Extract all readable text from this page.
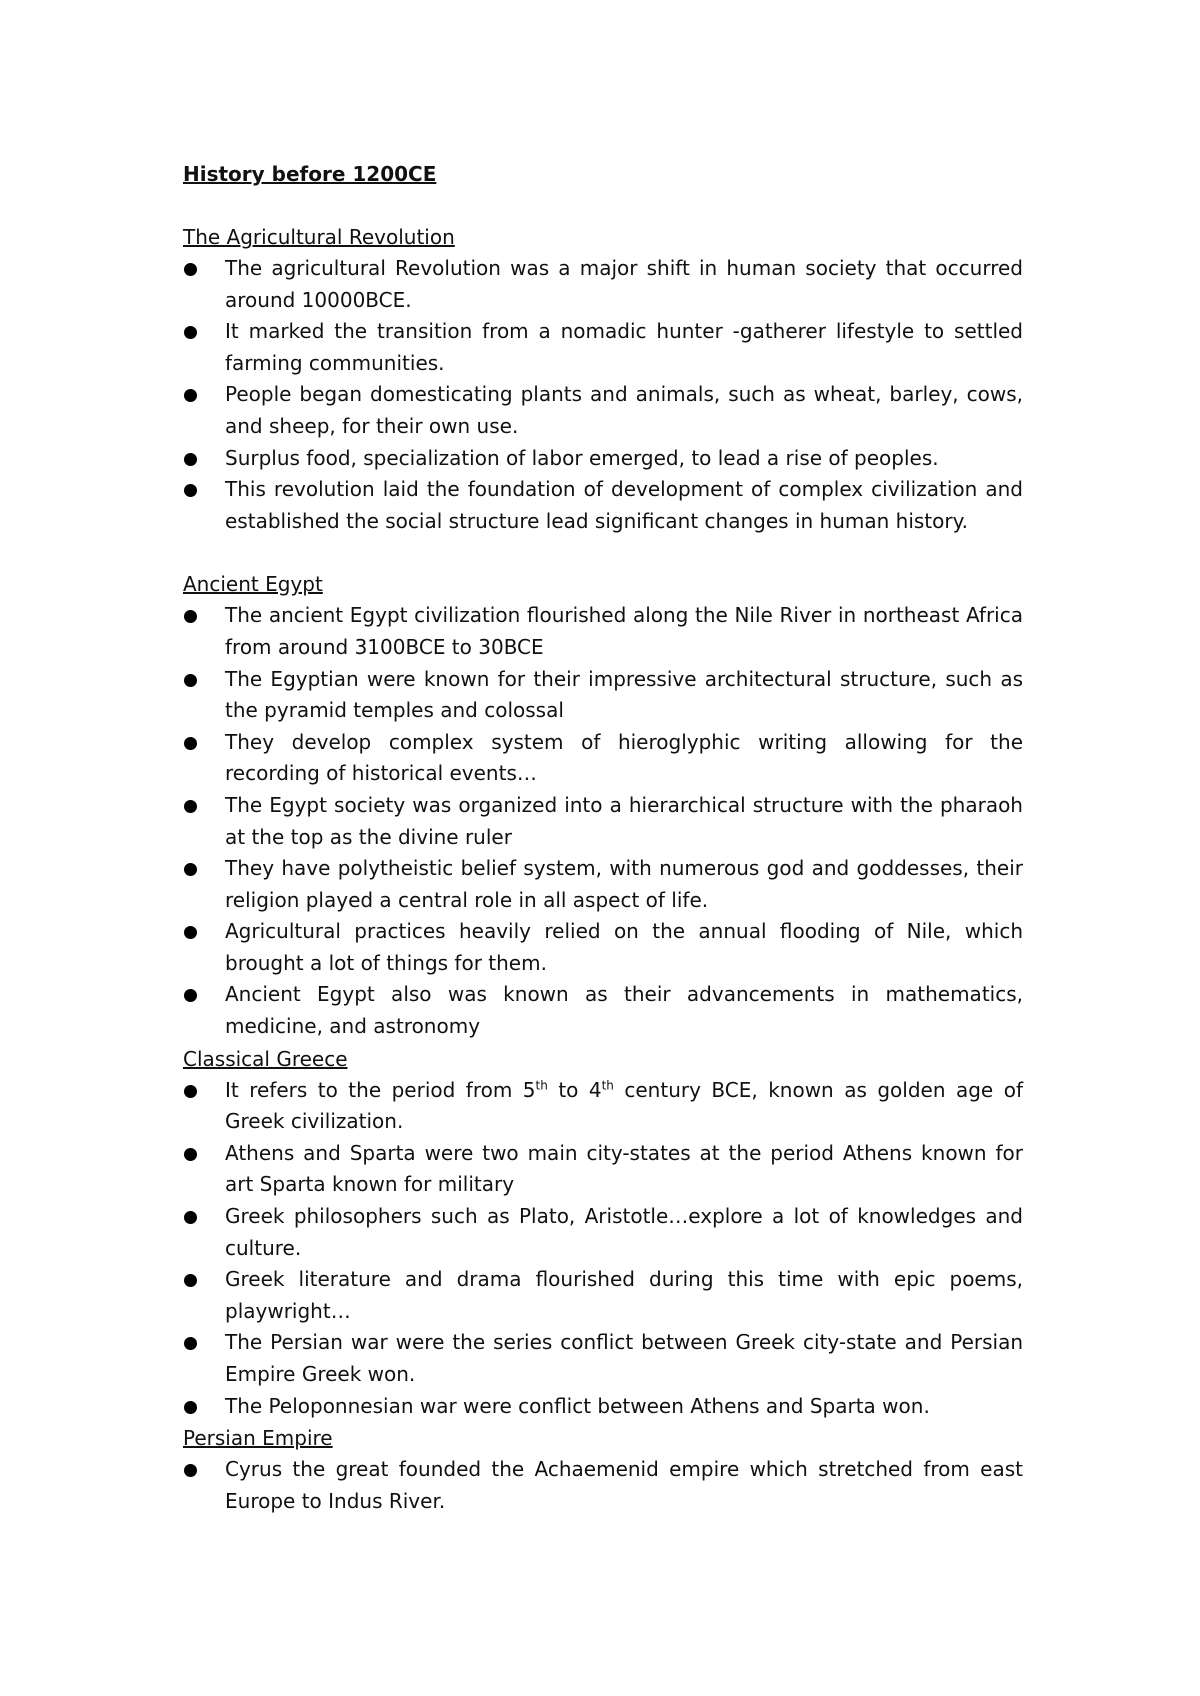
History before 1200CE

The Agricultural Revolution

The agricultural Revolution was a major shift in human society that occurred around 10000BCE.
It marked the transition from a nomadic hunter -gatherer lifestyle to settled farming communities.
People began domesticating plants and animals, such as wheat, barley, cows, and sheep, for their own use.
Surplus food, specialization of labor emerged, to lead a rise of peoples.
This revolution laid the foundation of development of complex civilization and established the social structure lead significant changes in human history.

Ancient Egypt

The ancient Egypt civilization flourished along the Nile River in northeast Africa from around 3100BCE to 30BCE
The Egyptian were known for their impressive architectural structure, such as the pyramid temples and colossal
They develop complex system of hieroglyphic writing allowing for the recording of historical events…
The Egypt society was organized into a hierarchical structure with the pharaoh at the top as the divine ruler
They have polytheistic belief system, with numerous god and goddesses, their religion played a central role in all aspect of life.
Agricultural practices heavily relied on the annual flooding of Nile, which brought a lot of things for them.
Ancient Egypt also was known as their advancements in mathematics, medicine, and astronomy

Classical Greece

It refers to the period from 5th to 4th century BCE, known as golden age of Greek civilization.
Athens and Sparta were two main city-states at the period Athens known for art Sparta known for military
Greek philosophers such as Plato, Aristotle…explore a lot of knowledges and culture.
Greek literature and drama flourished during this time with epic poems, playwright…
The Persian war were the series conflict between Greek city-state and Persian Empire Greek won.
The Peloponnesian war were conflict between Athens and Sparta won.

Persian Empire

Cyrus the great founded the Achaemenid empire which stretched from east Europe to Indus River.
